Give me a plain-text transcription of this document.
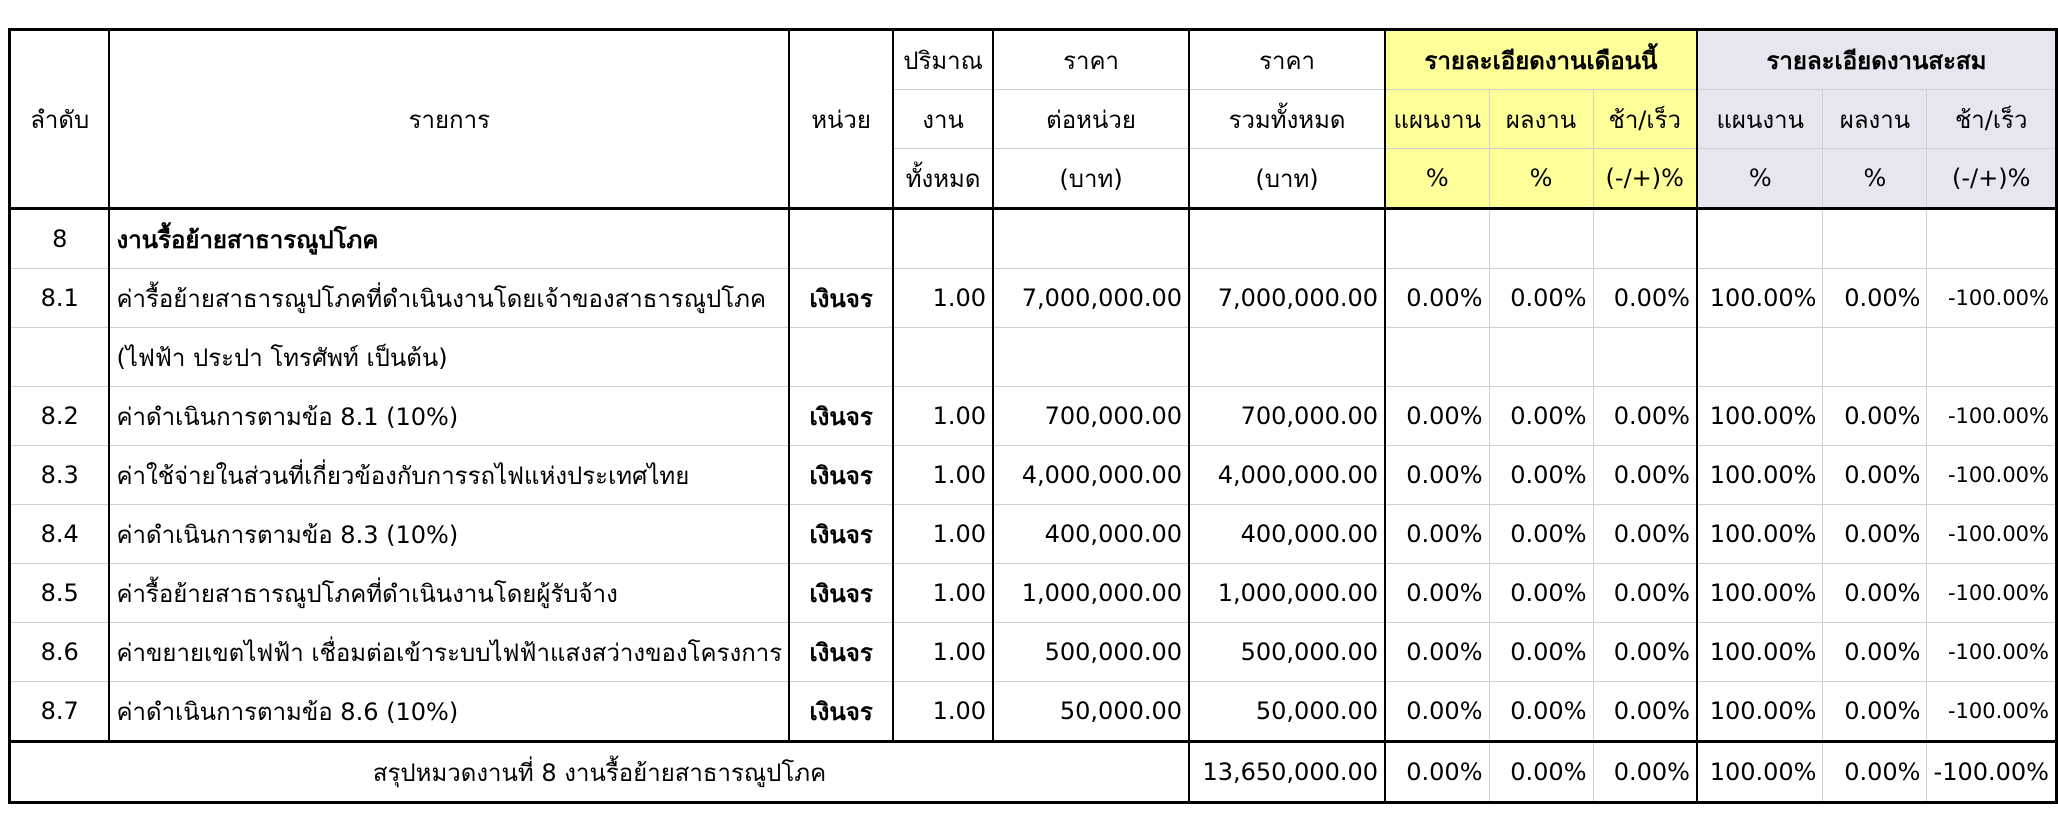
			ปริมาณ	ราคา	ราคา	รายละเอียดงานเดือนนี้			รายละเอียดงานสะสม		
ลำดับ	รายการ	หน่วย	งาน	ต่อหน่วย	รวมทั้งหมด	แผนงาน	ผลงาน	ช้า/เร็ว	แผนงาน	ผลงาน	ช้า/เร็ว
			ทั้งหมด	(บาท)	(บาท)	%	%	(-/+)%	%	%	(-/+)%
8	งานรื้อย้ายสาธารณูปโภค										
8.1	ค่ารื้อย้ายสาธารณูปโภคที่ดำเนินงานโดยเจ้าของสาธารณูปโภค	เงินจร	1.00	7,000,000.00	7,000,000.00	0.00%	0.00%	0.00%	100.00%	0.00%	-100.00%
	(ไฟฟ้า ประปา โทรศัพท์ เป็นต้น)										
8.2	ค่าดำเนินการตามข้อ 8.1 (10%)	เงินจร	1.00	700,000.00	700,000.00	0.00%	0.00%	0.00%	100.00%	0.00%	-100.00%
8.3	ค่าใช้จ่ายในส่วนที่เกี่ยวข้องกับการรถไฟแห่งประเทศไทย	เงินจร	1.00	4,000,000.00	4,000,000.00	0.00%	0.00%	0.00%	100.00%	0.00%	-100.00%
8.4	ค่าดำเนินการตามข้อ 8.3 (10%)	เงินจร	1.00	400,000.00	400,000.00	0.00%	0.00%	0.00%	100.00%	0.00%	-100.00%
8.5	ค่ารื้อย้ายสาธารณูปโภคที่ดำเนินงานโดยผู้รับจ้าง	เงินจร	1.00	1,000,000.00	1,000,000.00	0.00%	0.00%	0.00%	100.00%	0.00%	-100.00%
8.6	ค่าขยายเขตไฟฟ้า เชื่อมต่อเข้าระบบไฟฟ้าแสงสว่างของโครงการ	เงินจร	1.00	500,000.00	500,000.00	0.00%	0.00%	0.00%	100.00%	0.00%	-100.00%
8.7	ค่าดำเนินการตามข้อ 8.6 (10%)	เงินจร	1.00	50,000.00	50,000.00	0.00%	0.00%	0.00%	100.00%	0.00%	-100.00%
สรุปหมวดงานที่ 8 งานรื้อย้ายสาธารณูปโภค					13,650,000.00	0.00%	0.00%	0.00%	100.00%	0.00%	-100.00%
